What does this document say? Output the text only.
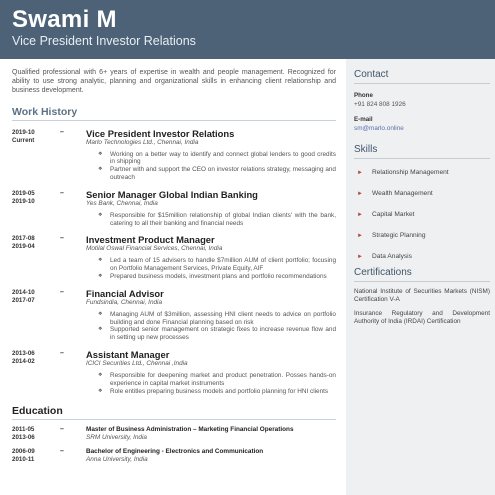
Swami M
Vice President Investor Relations
Qualified professional with 6+ years of expertise in wealth and people management. Recognized for ability to use strong analytic, planning and organizational skills in enhancing client relationship and business development.
Work History
2019-10
Current
– Vice President Investor Relations
Marlo Technologies Ltd., Chennai, India
❖ Working on a better way to identify and connect global lenders to good credits in shipping
❖ Partner with and support the CEO on investor relations strategy, messaging and outreach
2019-05
2019-10
– Senior Manager Global Indian Banking
Yes Bank, Chennai, India
❖ Responsible for $15million relationship of global Indian clients' with the bank, catering to all their banking and financial needs
2017-08
2019-04
– Investment Product Manager
Motilal Oswal Financial Services, Chennai, India
❖ Led a team of 15 advisers to handle $7million AUM of client portfolio; focusing on Portfolio Management Services, Private Equity, AIF
❖ Prepared business models, investment plans and portfolio recommendations
2014-10
2017-07
– Financial Advisor
Fundsindia, Chennai, India
❖ Managing AUM of $3million, assessing HNI client needs to advice on portfolio building and done Financial planning based on risk
❖ Supported senior management on strategic fixes to increase revenue flow and in setting up new processes
2013-06
2014-02
– Assistant Manager
ICICI Securities Ltd., Chennai ,India
❖ Responsible for deepening market and product penetration. Posses hands-on experience in capital market instruments
❖ Role entitles preparing business models and portfolio planning for HNI clients
Education
2011-05
2013-06
–	Master of Business Administration – Marketing Financial Operations
SRM University, India
2006-09
2010-11
–	Bachelor of Engineering - Electronics and Communication
Anna University, India
Contact
Phone
+91 824 808 1926
E-mail
sm@marlo.online
Skills
► Relationship Management
► Wealth Management
► Capital Market
► Strategic Planning
► Data Analysis
Certifications
National Institute of Securities Markets (NISM) Certification V-A
Insurance Regulatory and Development Authority of India (IRDAI) Certification
